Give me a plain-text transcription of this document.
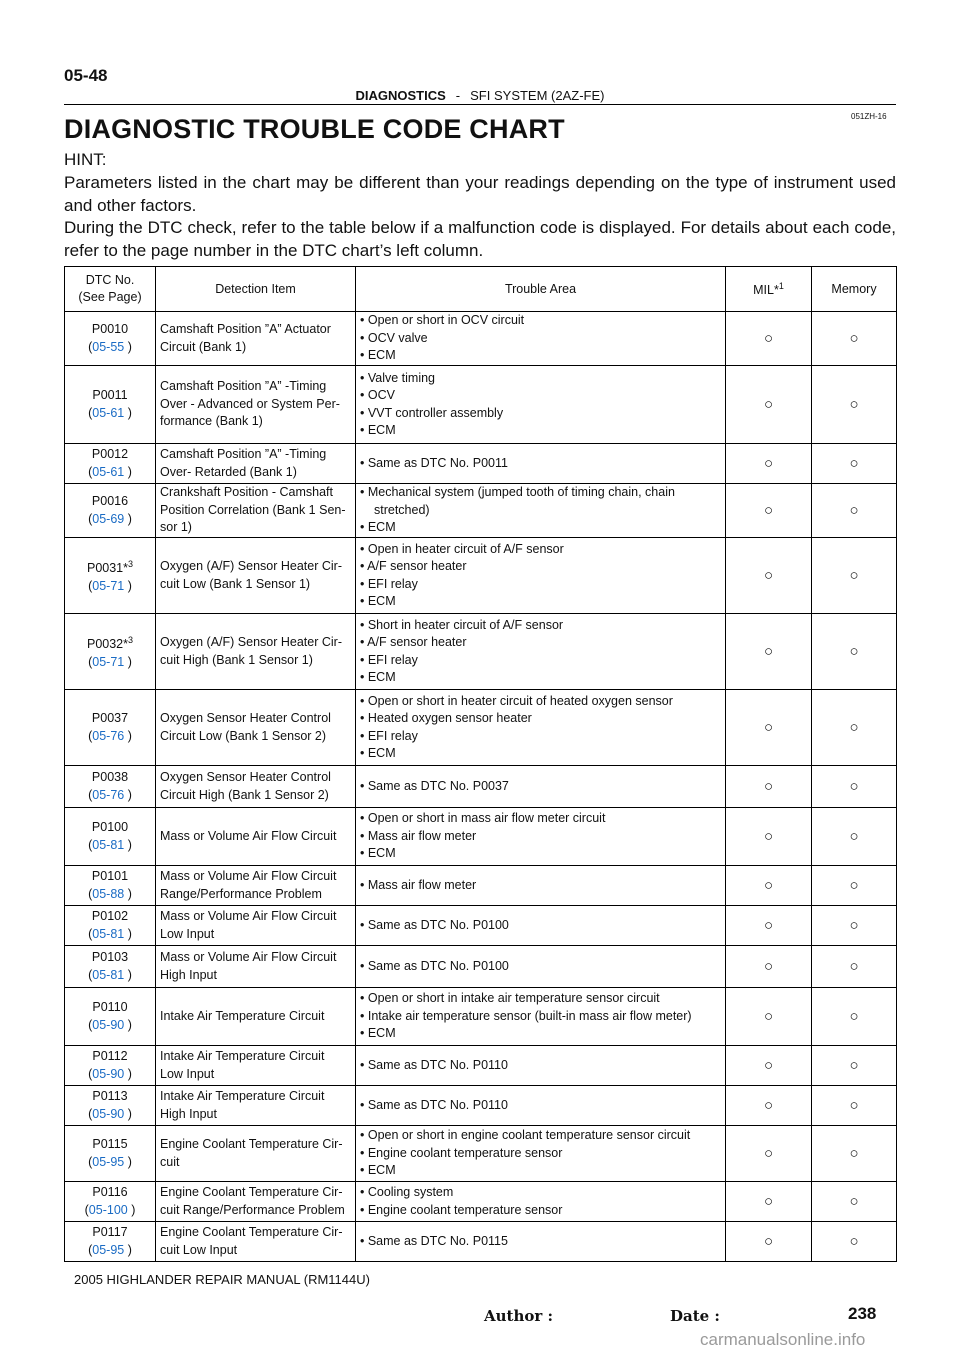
05-48
DIAGNOSTICS - SFI SYSTEM (2AZ-FE)
051ZH-16
DIAGNOSTIC TROUBLE CODE CHART
HINT:
Parameters listed in the chart may be different than your readings depending on the type of instrument used and other factors.
During the DTC check, refer to the table below if a malfunction code is displayed. For details about each code, refer to the page number in the DTC chart’s left column.
DTC No.
(See Page)	Detection Item	Trouble Area	MIL*$^1$	Memory

P0010
(05-55 )	Camshaft Position ”A” Actuator
Circuit (Bank 1)	• Open or short in OCV circuit
• OCV valve
• ECM	○	○

P0011
(05-61 )	Camshaft Position ”A” -Timing
Over - Advanced or System Per-
formance (Bank 1)	• Valve timing
• OCV
• VVT controller assembly
• ECM	○	○

P0012
(05-61 )	Camshaft Position ”A” -Timing
Over- Retarded (Bank 1)	• Same as DTC No. P0011	○	○

P0016
(05-69 )	Crankshaft Position - Camshaft
Position Correlation (Bank 1 Sen-
sor 1)	• Mechanical system (jumped tooth of timing chain, chain
stretched)
• ECM	○	○

P0031*$^3$
(05-71 )	Oxygen (A/F) Sensor Heater Cir-
cuit Low (Bank 1 Sensor 1)	• Open in heater circuit of A/F sensor
• A/F sensor heater
• EFI relay
• ECM	○	○

P0032*$^3$
(05-71 )	Oxygen (A/F) Sensor Heater Cir-
cuit High (Bank 1 Sensor 1)	• Short in heater circuit of A/F sensor
• A/F sensor heater
• EFI relay
• ECM	○	○

P0037
(05-76 )	Oxygen Sensor Heater Control
Circuit Low (Bank 1 Sensor 2)	• Open or short in heater circuit of heated oxygen sensor
• Heated oxygen sensor heater
• EFI relay
• ECM	○	○

P0038
(05-76 )	Oxygen Sensor Heater Control
Circuit High (Bank 1 Sensor 2)	• Same as DTC No. P0037	○	○

P0100
(05-81 )	Mass or Volume Air Flow Circuit	• Open or short in mass air flow meter circuit
• Mass air flow meter
• ECM	○	○

P0101
(05-88 )	Mass or Volume Air Flow Circuit
Range/Performance Problem	• Mass air flow meter	○	○

P0102
(05-81 )	Mass or Volume Air Flow Circuit
Low Input	• Same as DTC No. P0100	○	○

P0103
(05-81 )	Mass or Volume Air Flow Circuit
High Input	• Same as DTC No. P0100	○	○

P0110
(05-90 )	Intake Air Temperature Circuit	• Open or short in intake air temperature sensor circuit
• Intake air temperature sensor (built-in mass air flow meter)
• ECM	○	○

P0112
(05-90 )	Intake Air Temperature Circuit
Low Input	• Same as DTC No. P0110	○	○

P0113
(05-90 )	Intake Air Temperature Circuit
High Input	• Same as DTC No. P0110	○	○

P0115
(05-95 )	Engine Coolant Temperature Cir-
cuit	• Open or short in engine coolant temperature sensor circuit
• Engine coolant temperature sensor
• ECM	○	○

P0116
(05-100 )	Engine Coolant Temperature Cir-
cuit Range/Performance Problem	• Cooling system
• Engine coolant temperature sensor	○	○

P0117
(05-95 )	Engine Coolant Temperature Cir-
cuit Low Input	• Same as DTC No. P0115	○	○
2005 HIGHLANDER REPAIR MANUAL (RM1144U)
Author :	Date :	238
carmanualsonline.info
